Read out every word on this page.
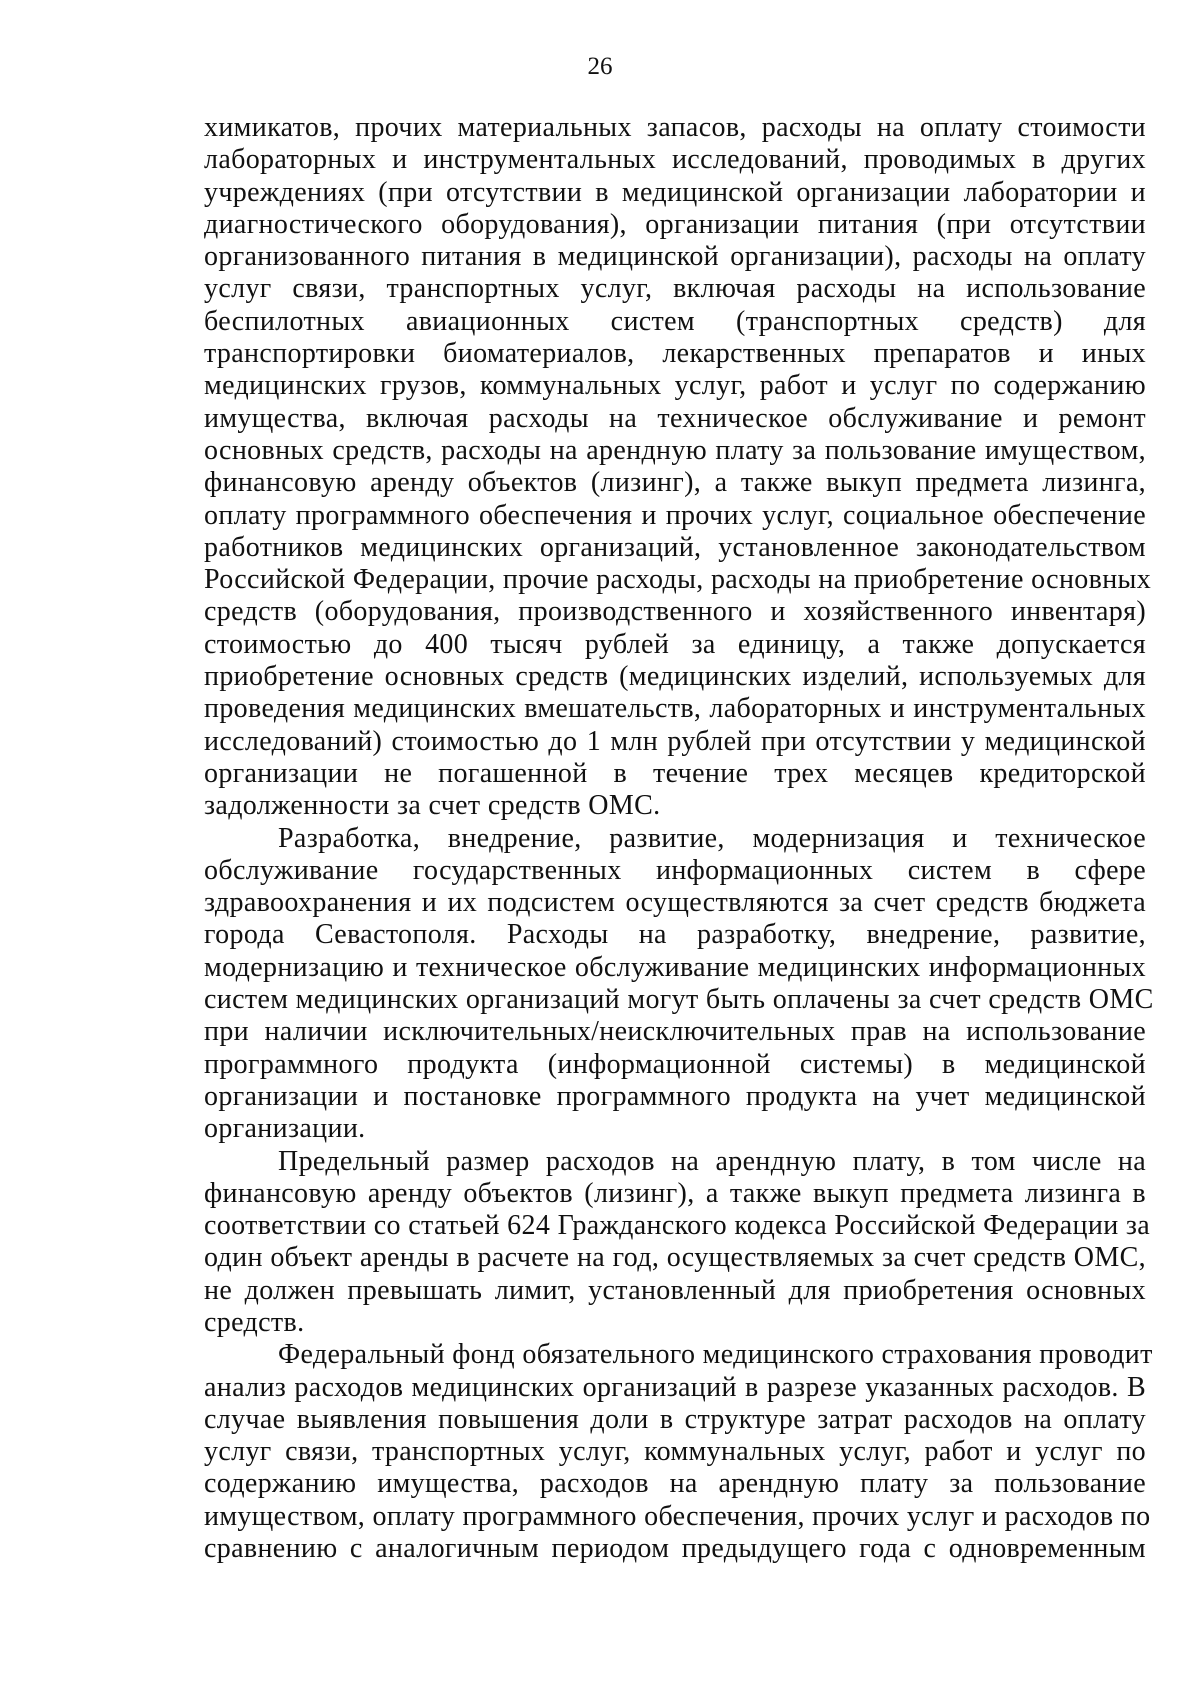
26
химикатов, прочих материальных запасов, расходы на оплату стоимости
лабораторных и инструментальных исследований, проводимых в других
учреждениях (при отсутствии в медицинской организации лаборатории и
диагностического оборудования), организации питания (при отсутствии
организованного питания в медицинской организации), расходы на оплату
услуг связи, транспортных услуг, включая расходы на использование
беспилотных авиационных систем (транспортных средств) для
транспортировки биоматериалов, лекарственных препаратов и иных
медицинских грузов, коммунальных услуг, работ и услуг по содержанию
имущества, включая расходы на техническое обслуживание и ремонт
основных средств, расходы на арендную плату за пользование имуществом,
финансовую аренду объектов (лизинг), а также выкуп предмета лизинга,
оплату программного обеспечения и прочих услуг, социальное обеспечение
работников медицинских организаций, установленное законодательством
Российской Федерации, прочие расходы, расходы на приобретение основных
средств (оборудования, производственного и хозяйственного инвентаря)
стоимостью до 400 тысяч рублей за единицу, а также допускается
приобретение основных средств (медицинских изделий, используемых для
проведения медицинских вмешательств, лабораторных и инструментальных
исследований) стоимостью до 1 млн рублей при отсутствии у медицинской
организации не погашенной в течение трех месяцев кредиторской
задолженности за счет средств ОМС.
Разработка, внедрение, развитие, модернизация и техническое
обслуживание государственных информационных систем в сфере
здравоохранения и их подсистем осуществляются за счет средств бюджета
города Севастополя. Расходы на разработку, внедрение, развитие,
модернизацию и техническое обслуживание медицинских информационных
систем медицинских организаций могут быть оплачены за счет средств ОМС
при наличии исключительных/неисключительных прав на использование
программного продукта (информационной системы) в медицинской
организации и постановке программного продукта на учет медицинской
организации.
Предельный размер расходов на арендную плату, в том числе на
финансовую аренду объектов (лизинг), а также выкуп предмета лизинга в
соответствии со статьей 624 Гражданского кодекса Российской Федерации за
один объект аренды в расчете на год, осуществляемых за счет средств ОМС,
не должен превышать лимит, установленный для приобретения основных
средств.
Федеральный фонд обязательного медицинского страхования проводит
анализ расходов медицинских организаций в разрезе указанных расходов. В
случае выявления повышения доли в структуре затрат расходов на оплату
услуг связи, транспортных услуг, коммунальных услуг, работ и услуг по
содержанию имущества, расходов на арендную плату за пользование
имуществом, оплату программного обеспечения, прочих услуг и расходов по
сравнению с аналогичным периодом предыдущего года с одновременным
